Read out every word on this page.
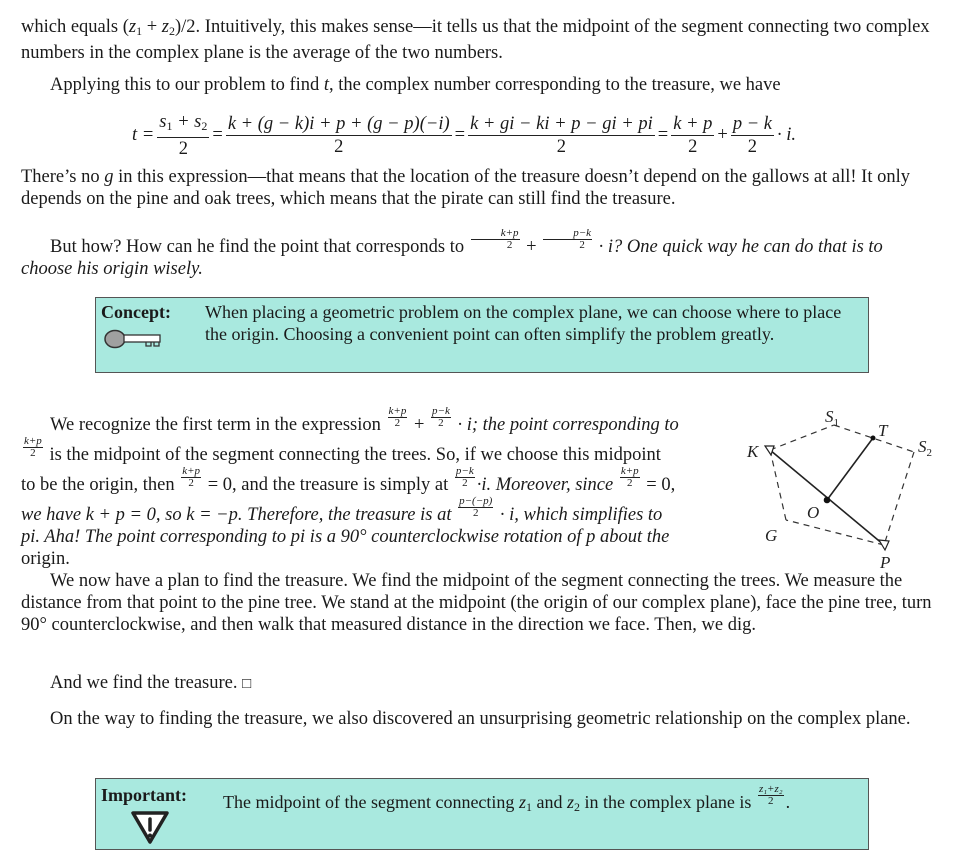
which equals $(z_1 + z_2)/2$. Intuitively, this makes sense—it tells us that the midpoint of the segment connecting two complex numbers in the complex plane is the average of the two numbers.
Applying this to our problem to find t, the complex number corresponding to the treasure, we have
$t = \frac{s_1 + s_2}{2} = \frac{k + (g - k)i + p + (g - p)(-i)}{2} = \frac{k + gi - ki + p - gi + pi}{2} = \frac{k + p}{2} + \frac{p - k}{2} \cdot i$.
There’s no g in this expression—that means that the location of the treasure doesn’t depend on the gallows at all! It only depends on the pine and oak trees, which means that the pirate can still find the treasure.
But how? How can he find the point that corresponds to $\frac{k+p}{2} + \frac{p-k}{2} \cdot i$? One quick way he can do that is to choose his origin wisely.
Concept: When placing a geometric problem on the complex plane, we can choose where to place the origin. Choosing a convenient point can often simplify the problem greatly.
We recognize the first term in the expression $\frac{k+p}{2} + \frac{p-k}{2} \cdot i$; the point corresponding to
$\frac{k+p}{2}$ is the midpoint of the segment connecting the trees. So, if we choose this midpoint
to be the origin, then $\frac{k+p}{2} = 0$, and the treasure is simply at $\frac{p-k}{2} \cdot i$. Moreover, since $\frac{k+p}{2} = 0$,
we have k + p = 0, so k = −p. Therefore, the treasure is at $\frac{p-(-p)}{2} \cdot i$, which simplifies to
pi. Aha! The point corresponding to pi is a 90° counterclockwise rotation of p about the
origin.
$S_1$ T
$S_2$
K
O
G
P
We now have a plan to find the treasure. We find the midpoint of the segment connecting the trees. We measure the distance from that point to the pine tree. We stand at the midpoint (the origin of our complex plane), face the pine tree, turn 90° counterclockwise, and then walk that measured distance in the direction we face. Then, we dig.
And we find the treasure. □
On the way to finding the treasure, we also discovered an unsurprising geometric relationship on the complex plane.
Important: The midpoint of the segment connecting $z_1$ and $z_2$ in the complex plane is $\frac{\text{z₁+z₂}}{2}$ .
